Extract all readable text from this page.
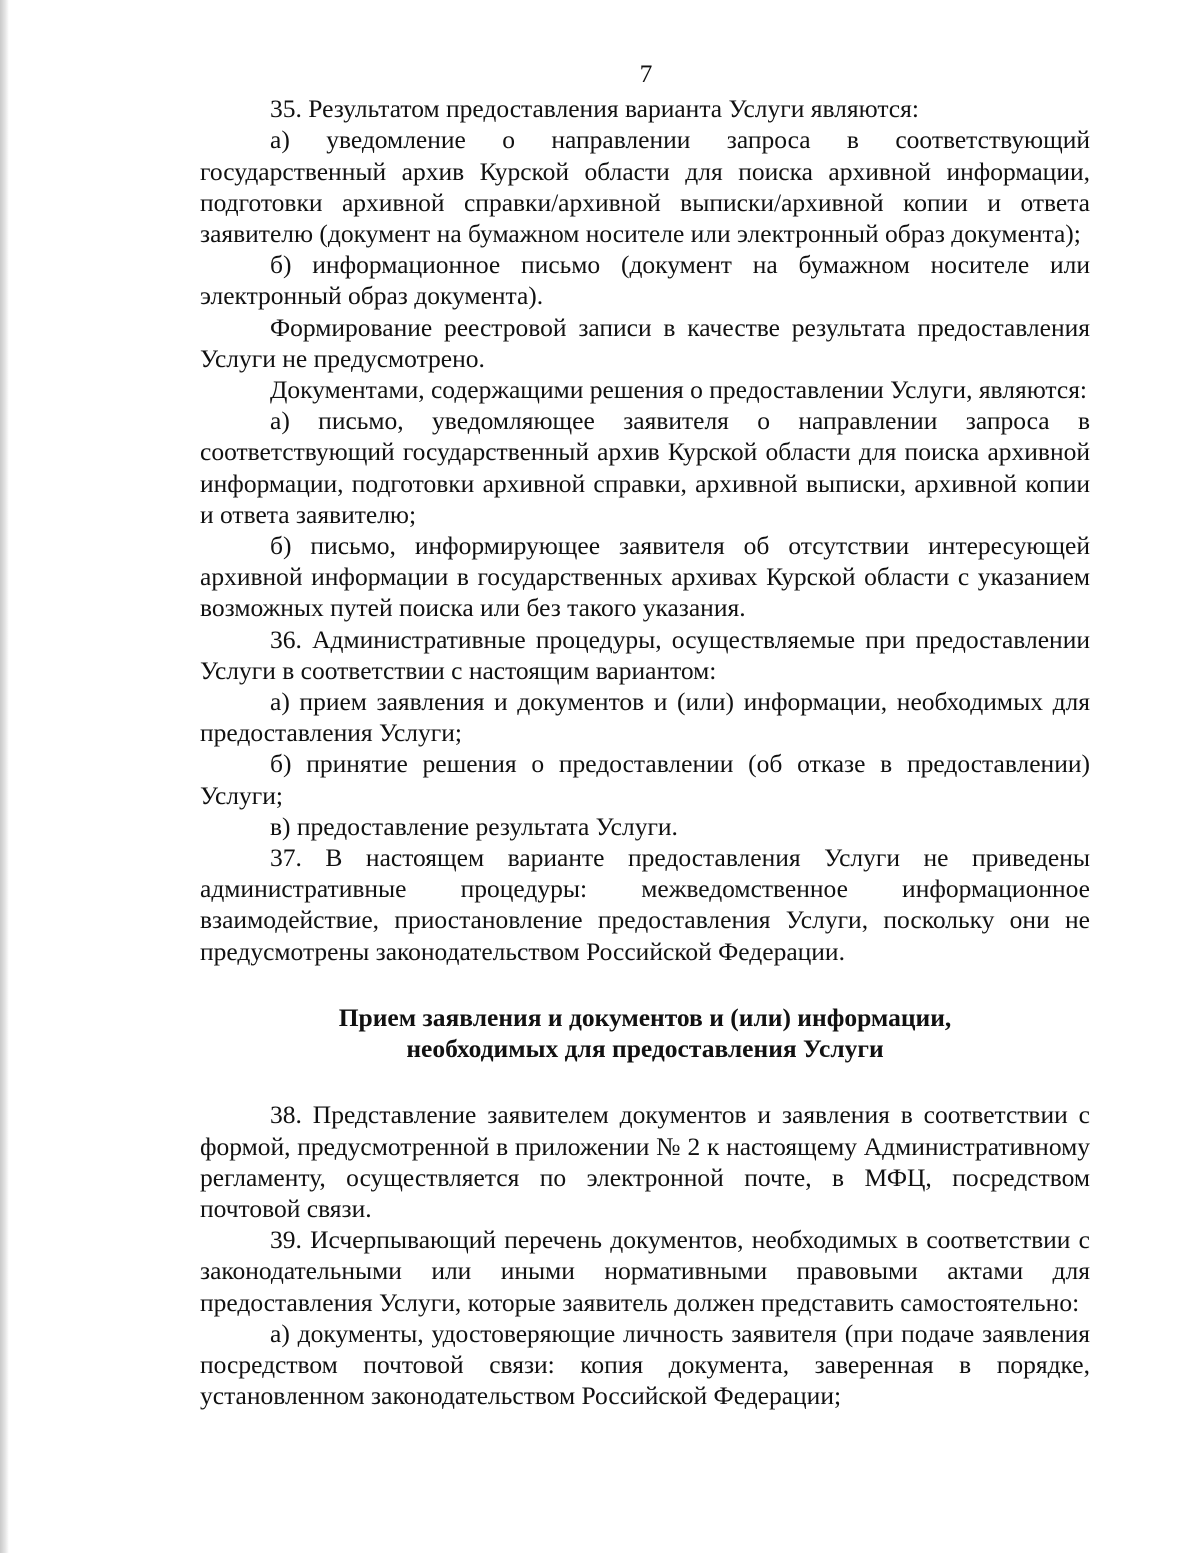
7

35. Результатом предоставления варианта Услуги являются:

а) уведомление о направлении запроса в соответствующий государственный архив Курской области для поиска архивной информации, подготовки архивной справки/архивной выписки/архивной копии и ответа заявителю (документ на бумажном носителе или электронный образ документа);

б) информационное письмо (документ на бумажном носителе или электронный образ документа).

Формирование реестровой записи в качестве результата предоставления Услуги не предусмотрено.

Документами, содержащими решения о предоставлении Услуги, являются:

а) письмо, уведомляющее заявителя о направлении запроса в соответствующий государственный архив Курской области для поиска архивной информации, подготовки архивной справки, архивной выписки, архивной копии и ответа заявителю;

б) письмо, информирующее заявителя об отсутствии интересующей архивной информации в государственных архивах Курской области с указанием возможных путей поиска или без такого указания.

36. Административные процедуры, осуществляемые при предоставлении Услуги в соответствии с настоящим вариантом:

а) прием заявления и документов и (или) информации, необходимых для предоставления Услуги;

б) принятие решения о предоставлении (об отказе в предоставлении) Услуги;

в) предоставление результата Услуги.

37. В настоящем варианте предоставления Услуги не приведены административные процедуры: межведомственное информационное взаимодействие, приостановление предоставления Услуги, поскольку они не предусмотрены законодательством Российской Федерации.

Прием заявления и документов и (или) информации,
необходимых для предоставления Услуги

38. Представление заявителем документов и заявления в соответствии с формой, предусмотренной в приложении № 2 к настоящему Административному регламенту, осуществляется по электронной почте, в МФЦ, посредством почтовой связи.

39. Исчерпывающий перечень документов, необходимых в соответствии с законодательными или иными нормативными правовыми актами для предоставления Услуги, которые заявитель должен представить самостоятельно:

а) документы, удостоверяющие личность заявителя (при подаче заявления посредством почтовой связи: копия документа, заверенная в порядке, установленном законодательством Российской Федерации;
